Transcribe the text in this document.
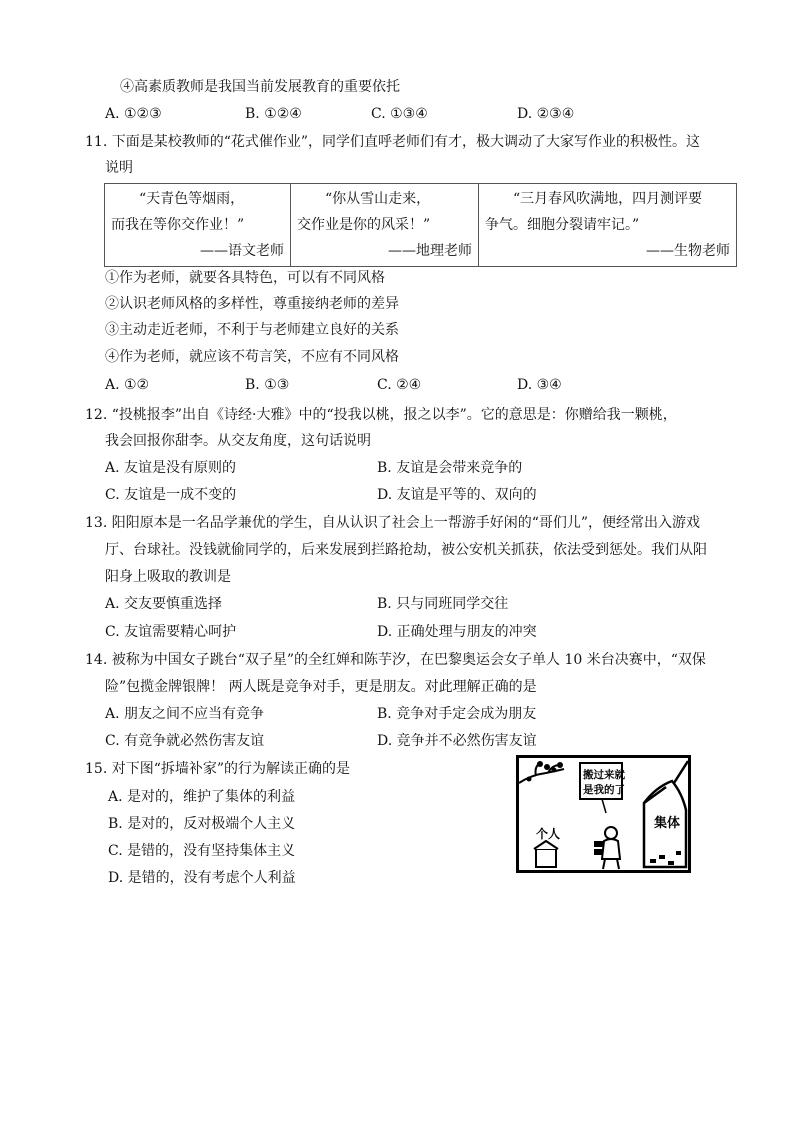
④高素质教师是我国当前发展教育的重要依托
A. ①②③	B. ①②④	C. ①③④	D. ②③④
11. 下面是某校教师的“花式催作业”，同学们直呼老师们有才，极大调动了大家写作业的积极性。这
说明
“天青色等烟雨，
而我在等你交作业！”
——语文老师

“你从雪山走来，
交作业是你的风采！”
——地理老师

“三月春风吹满地，四月测评要
争气。细胞分裂请牢记。”
——生物老师
①作为老师，就要各具特色，可以有不同风格
②认识老师风格的多样性，尊重接纳老师的差异
③主动走近老师，不利于与老师建立良好的关系
④作为老师，就应该不苟言笑，不应有不同风格
A. ①②	B. ①③	C. ②④	D. ③④
12. “投桃报李”出自《诗经·大雅》中的“投我以桃，报之以李”。它的意思是：你赠给我一颗桃，
我会回报你甜李。从交友角度，这句话说明
A. 友谊是没有原则的	B. 友谊是会带来竞争的
C. 友谊是一成不变的	D. 友谊是平等的、双向的
13. 阳阳原本是一名品学兼优的学生，自从认识了社会上一帮游手好闲的“哥们儿”，便经常出入游戏
厅、台球社。没钱就偷同学的，后来发展到拦路抢劫，被公安机关抓获，依法受到惩处。我们从阳
阳身上吸取的教训是
A. 交友要慎重选择	B. 只与同班同学交往
C. 友谊需要精心呵护	D. 正确处理与朋友的冲突
14. 被称为中国女子跳台“双子星”的全红婵和陈芋汐，在巴黎奥运会女子单人 10 米台决赛中，“双保
险”包揽金牌银牌！ 两人既是竞争对手，更是朋友。对此理解正确的是
A. 朋友之间不应当有竞争	B. 竞争对手定会成为朋友
C. 有竞争就必然伤害友谊	D. 竞争并不必然伤害友谊
15. 对下图“拆墙补家”的行为解读正确的是
A. 是对的，维护了集体的利益
B. 是对的，反对极端个人主义
C. 是错的，没有坚持集体主义
D. 是错的，没有考虑个人利益
集体
搬过来就
是我的了
个人
